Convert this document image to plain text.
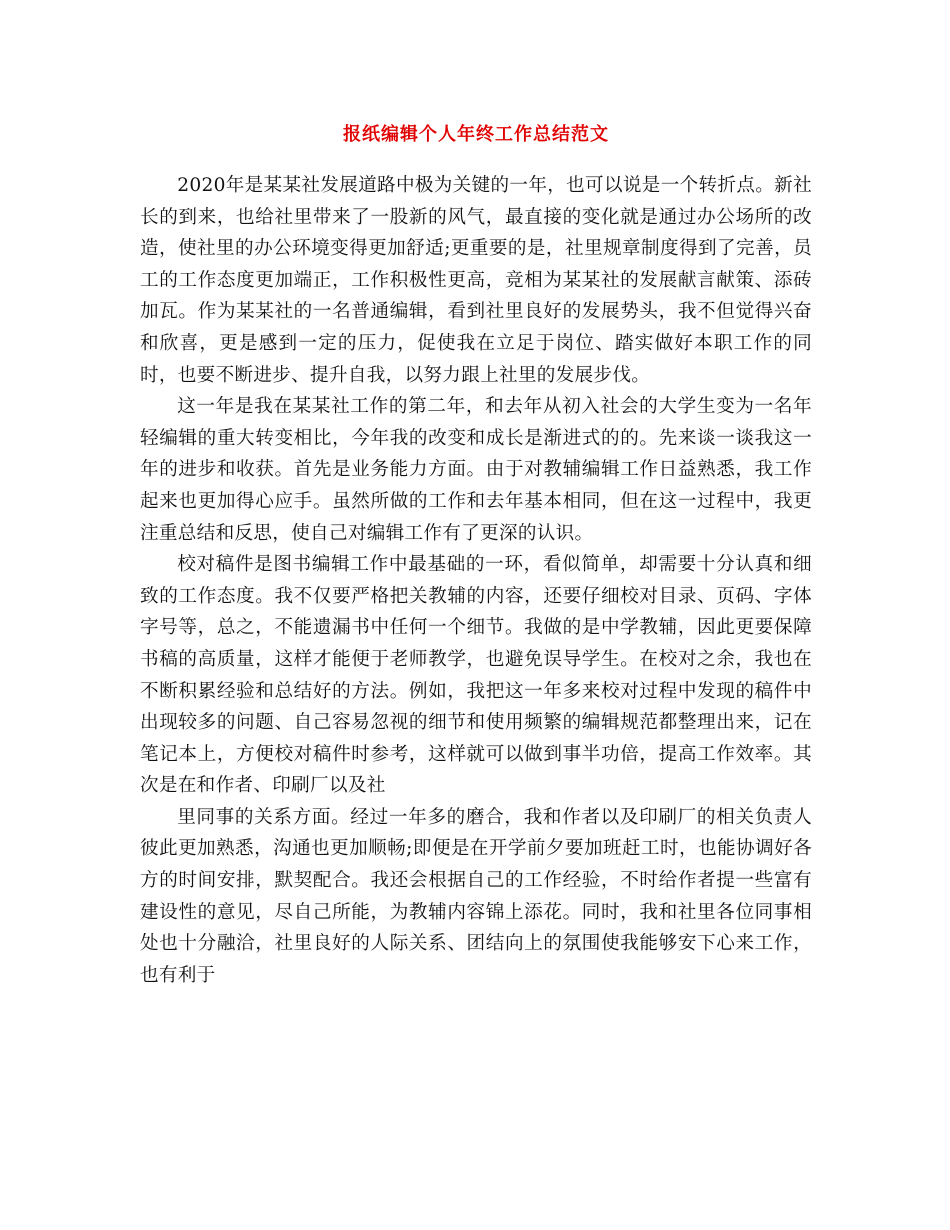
报纸编辑个人年终工作总结范文

2020年是某某社发展道路中极为关键的一年，也可以说是一个转折点。新社长的到来，也给社里带来了一股新的风气，最直接的变化就是通过办公场所的改造，使社里的办公环境变得更加舒适;更重要的是，社里规章制度得到了完善，员工的工作态度更加端正，工作积极性更高，竞相为某某社的发展献言献策、添砖加瓦。作为某某社的一名普通编辑，看到社里良好的发展势头，我不但觉得兴奋和欣喜，更是感到一定的压力，促使我在立足于岗位、踏实做好本职工作的同时，也要不断进步、提升自我，以努力跟上社里的发展步伐。

这一年是我在某某社工作的第二年，和去年从初入社会的大学生变为一名年轻编辑的重大转变相比，今年我的改变和成长是渐进式的的。先来谈一谈我这一年的进步和收获。首先是业务能力方面。由于对教辅编辑工作日益熟悉，我工作起来也更加得心应手。虽然所做的工作和去年基本相同，但在这一过程中，我更注重总结和反思，使自己对编辑工作有了更深的认识。

校对稿件是图书编辑工作中最基础的一环，看似简单，却需要十分认真和细致的工作态度。我不仅要严格把关教辅的内容，还要仔细校对目录、页码、字体字号等，总之，不能遗漏书中任何一个细节。我做的是中学教辅，因此更要保障书稿的高质量，这样才能便于老师教学，也避免误导学生。在校对之余，我也在不断积累经验和总结好的方法。例如，我把这一年多来校对过程中发现的稿件中出现较多的问题、自己容易忽视的细节和使用频繁的编辑规范都整理出来，记在笔记本上，方便校对稿件时参考，这样就可以做到事半功倍，提高工作效率。其次是在和作者、印刷厂以及社

里同事的关系方面。经过一年多的磨合，我和作者以及印刷厂的相关负责人彼此更加熟悉，沟通也更加顺畅;即便是在开学前夕要加班赶工时，也能协调好各方的时间安排，默契配合。我还会根据自己的工作经验，不时给作者提一些富有建设性的意见，尽自己所能，为教辅内容锦上添花。同时，我和社里各位同事相处也十分融洽，社里良好的人际关系、团结向上的氛围使我能够安下心来工作，也有利于
